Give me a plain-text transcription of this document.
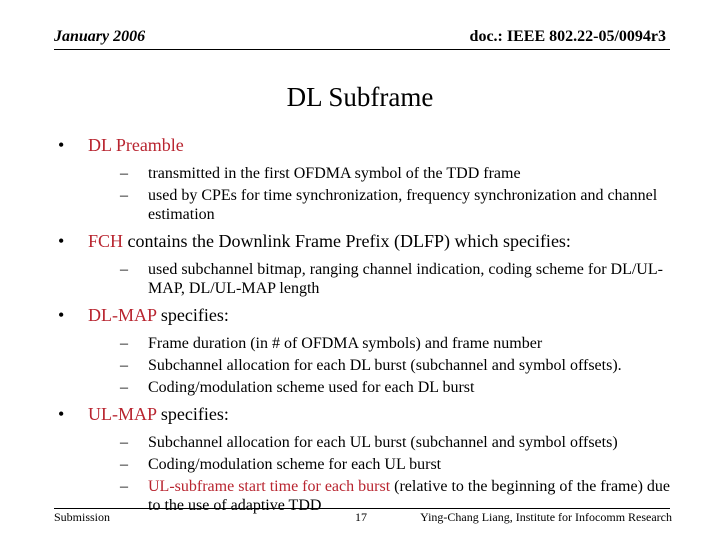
January 2006	doc.: IEEE 802.22-05/0094r3
DL Subframe
• DL Preamble
– transmitted in the first OFDMA symbol of the TDD frame
– used by CPEs for time synchronization, frequency synchronization and channel estimation
• FCH contains the Downlink Frame Prefix (DLFP) which specifies:
– used subchannel bitmap, ranging channel indication, coding scheme for DL/UL-MAP, DL/UL-MAP length
• DL-MAP specifies:
– Frame duration (in # of OFDMA symbols) and frame number
– Subchannel allocation for each DL burst (subchannel and symbol offsets).
– Coding/modulation scheme used for each DL burst
• UL-MAP specifies:
– Subchannel allocation for each UL burst (subchannel and symbol offsets)
– Coding/modulation scheme for each UL burst
– UL-subframe start time for each burst (relative to the beginning of the frame) due to the use of adaptive TDD
Submission	17	Ying-Chang Liang, Institute for Infocomm Research
